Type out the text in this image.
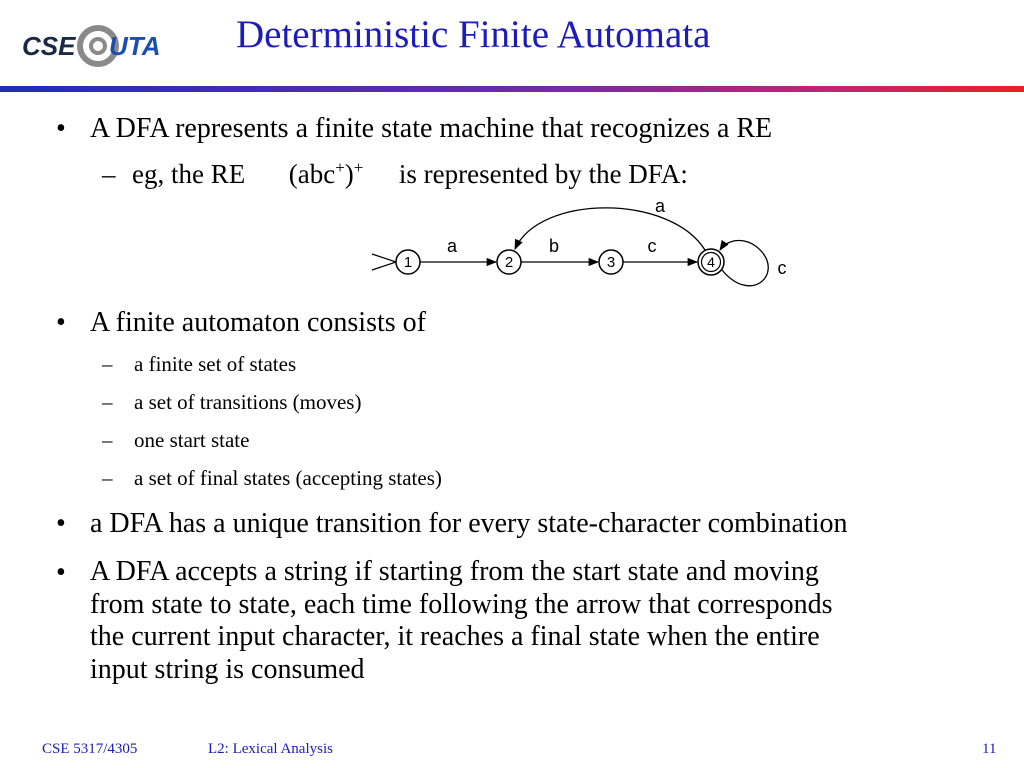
CSE UTA Deterministic Finite Automata
• A DFA represents a finite state machine that recognizes a RE
– eg, the RE (abc+)+ is represented by the DFA:
1	2	3	4
a	b	c
a
c
• A finite automaton consists of
– a finite set of states
– a set of transitions (moves)
– one start state
– a set of final states (accepting states)
• a DFA has a unique transition for every state-character combination
• A DFA accepts a string if starting from the start state and moving
from state to state, each time following the arrow that corresponds
the current input character, it reaches a final state when the entire
input string is consumed
CSE 5317/4305	L2: Lexical Analysis	11
